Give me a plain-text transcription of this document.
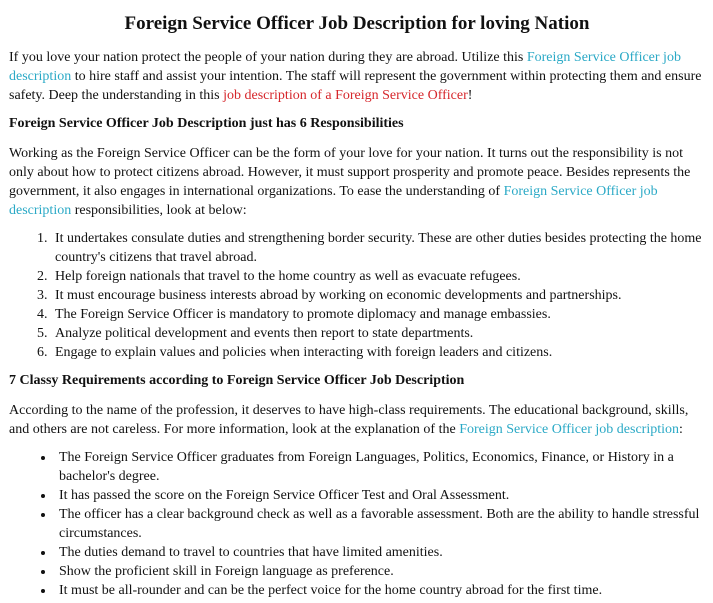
Foreign Service Officer Job Description for loving Nation

If you love your nation protect the people of your nation during they are abroad. Utilize this Foreign Service Officer job description to hire staff and assist your intention. The staff will represent the government within protecting them and ensure safety. Deep the understanding in this job description of a Foreign Service Officer!

Foreign Service Officer Job Description just has 6 Responsibilities

Working as the Foreign Service Officer can be the form of your love for your nation. It turns out the responsibility is not only about how to protect citizens abroad. However, it must support prosperity and promote peace. Besides represents the government, it also engages in international organizations. To ease the understanding of Foreign Service Officer job description responsibilities, look at below:

1. It undertakes consulate duties and strengthening border security. These are other duties besides protecting the home country's citizens that travel abroad.
2. Help foreign nationals that travel to the home country as well as evacuate refugees.
3. It must encourage business interests abroad by working on economic developments and partnerships.
4. The Foreign Service Officer is mandatory to promote diplomacy and manage embassies.
5. Analyze political development and events then report to state departments.
6. Engage to explain values and policies when interacting with foreign leaders and citizens.
7 Classy Requirements according to Foreign Service Officer Job Description

According to the name of the profession, it deserves to have high-class requirements. The educational background, skills, and others are not careless. For more information, look at the explanation of the Foreign Service Officer job description:

• The Foreign Service Officer graduates from Foreign Languages, Politics, Economics, Finance, or History in a bachelor's degree.
• It has passed the score on the Foreign Service Officer Test and Oral Assessment.
• The officer has a clear background check as well as a favorable assessment. Both are the ability to handle stressful circumstances.
• The duties demand to travel to countries that have limited amenities.
• Show the proficient skill in Foreign language as preference.
• It must be all-rounder and can be the perfect voice for the home country abroad for the first time.
